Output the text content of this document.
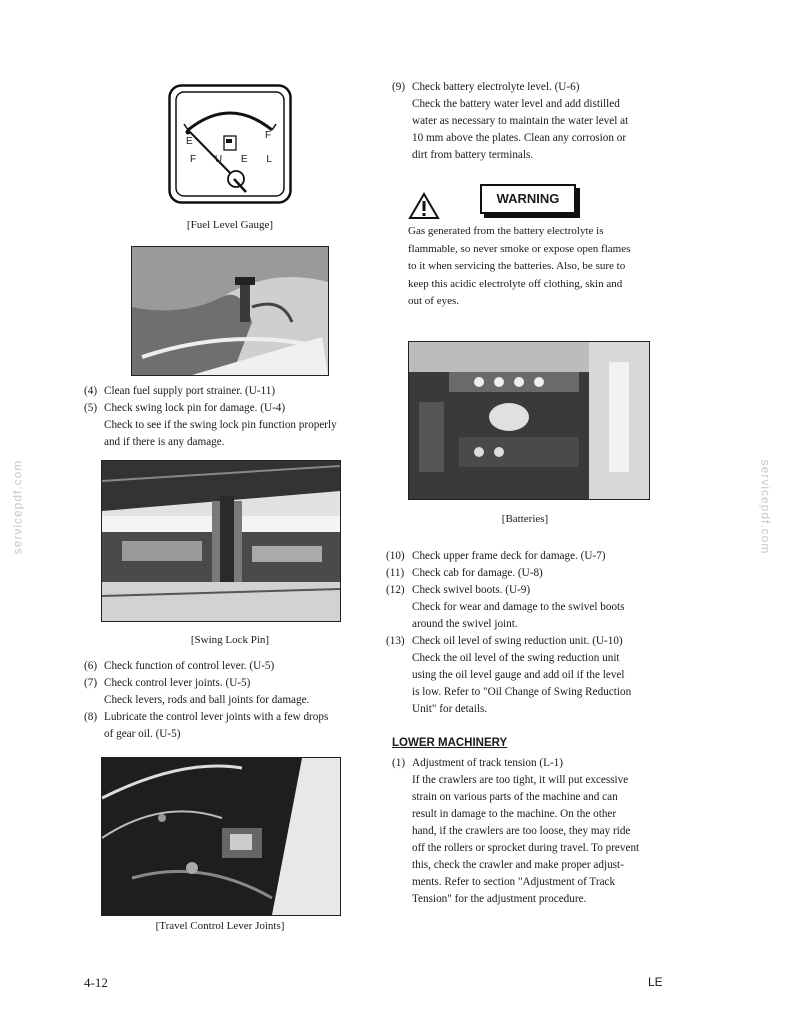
servicepdf.com	servicepdf.com
E
F
F U E L
[Fuel Level Gauge]
(4) Clean fuel supply port strainer. (U-11)
(5) Check swing lock pin for damage. (U-4)
Check to see if the swing lock pin function properly
and if there is any damage.
[Swing Lock Pin]
(6) Check function of control lever. (U-5)
(7) Check control lever joints. (U-5)
Check levers, rods and ball joints for damage.
(8) Lubricate the control lever joints with a few drops
of gear oil. (U-5)
[Travel Control Lever Joints]
(9) Check battery electrolyte level. (U-6)
Check the battery water level and add distilled
water as necessary to maintain the water level at
10 mm above the plates. Clean any corrosion or
dirt from battery terminals.
WARNING
Gas generated from the battery electrolyte is
flammable, so never smoke or expose open flames
to it when servicing the batteries. Also, be sure to
keep this acidic electrolyte off clothing, skin and
out of eyes.
[Batteries]
(10) Check upper frame deck for damage. (U-7)
(11) Check cab for damage. (U-8)
(12) Check swivel boots. (U-9)
Check for wear and damage to the swivel boots
around the swivel joint.
(13) Check oil level of swing reduction unit. (U-10)
Check the oil level of the swing reduction unit
using the oil level gauge and add oil if the level
is low. Refer to "Oil Change of Swing Reduction
Unit" for details.
LOWER MACHINERY
(1) Adjustment of track tension (L-1)
If the crawlers are too tight, it will put excessive
strain on various parts of the machine and can
result in damage to the machine. On the other
hand, if the crawlers are too loose, they may ride
off the rollers or sprocket during travel. To prevent
this, check the crawler and make proper adjust-
ments. Refer to section "Adjustment of Track
Tension" for the adjustment procedure.
4-12	LE
